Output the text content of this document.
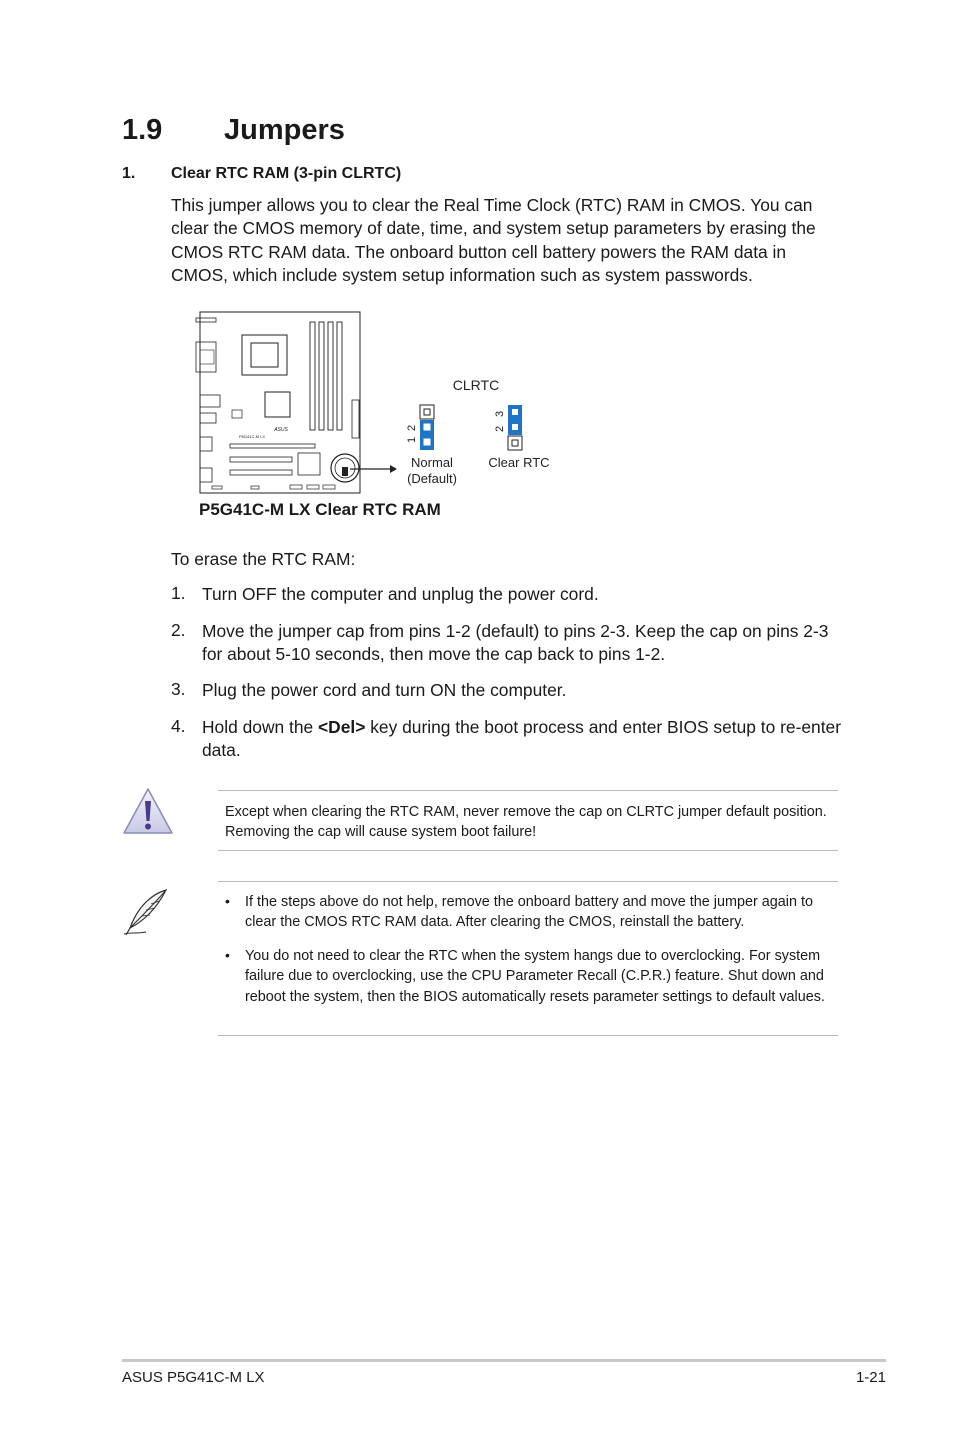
1.9 Jumpers
1. Clear RTC RAM (3-pin CLRTC)
This jumper allows you to clear the Real Time Clock (RTC) RAM in CMOS. You can clear the CMOS memory of date, time, and system setup parameters by erasing the CMOS RTC RAM data. The onboard button cell battery powers the RAM data in CMOS, which include system setup information such as system passwords.
ASUS
P5G41C-M LX
CLRTC
1
2
Normal
(Default)
2
3
Clear RTC
P5G41C-M LX Clear RTC RAM
To erase the RTC RAM:
1. Turn OFF the computer and unplug the power cord.
2. Move the jumper cap from pins 1-2 (default) to pins 2-3. Keep the cap on pins 2-3 for about 5-10 seconds, then move the cap back to pins 1-2.
3. Plug the power cord and turn ON the computer.
4. Hold down the <Del> key during the boot process and enter BIOS setup to re-enter data.
Except when clearing the RTC RAM, never remove the cap on CLRTC jumper default position. Removing the cap will cause system boot failure!
• If the steps above do not help, remove the onboard battery and move the jumper again to clear the CMOS RTC RAM data. After clearing the CMOS, reinstall the battery.
• You do not need to clear the RTC when the system hangs due to overclocking. For system failure due to overclocking, use the CPU Parameter Recall (C.P.R.) feature. Shut down and reboot the system, then the BIOS automatically resets parameter settings to default values.
ASUS P5G41C-M LX	1-21
